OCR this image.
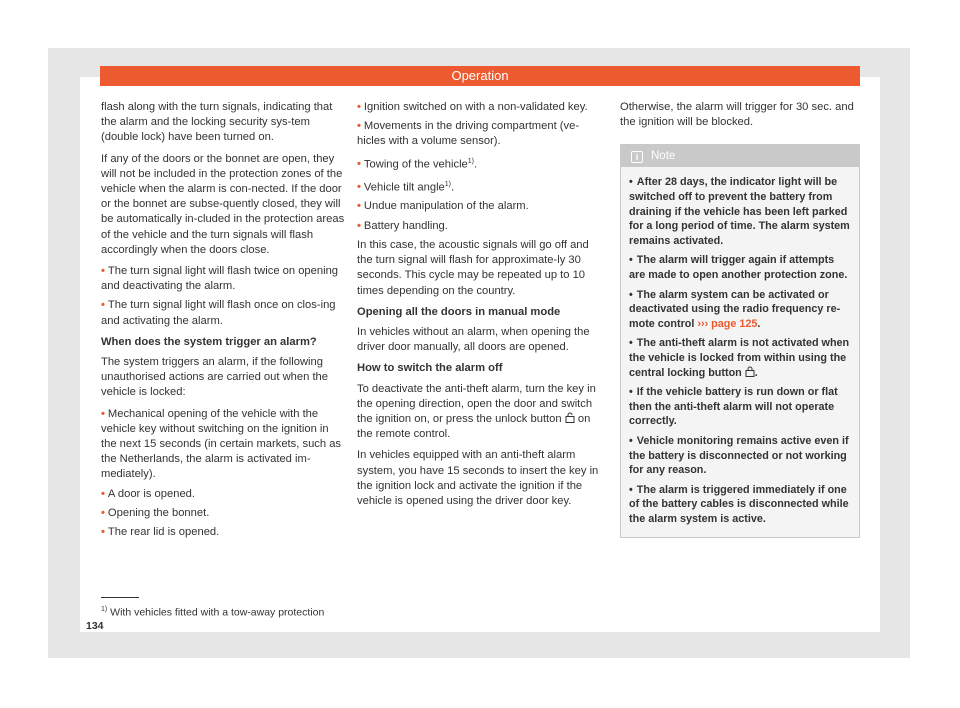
Operation

flash along with the turn signals, indicating that the alarm and the locking security sys-tem (double lock) have been turned on.

If any of the doors or the bonnet are open, they will not be included in the protection zones of the vehicle when the alarm is con-nected. If the door or the bonnet are subse-quently closed, they will be automatically in-cluded in the protection areas of the vehicle and the turn signals will flash accordingly when the doors close.

• The turn signal light will flash twice on opening and deactivating the alarm.

• The turn signal light will flash once on clos-ing and activating the alarm.

When does the system trigger an alarm?

The system triggers an alarm, if the following unauthorised actions are carried out when the vehicle is locked:

• Mechanical opening of the vehicle with the vehicle key without switching on the ignition in the next 15 seconds (in certain markets, such as the Netherlands, the alarm is activated im-mediately).

• A door is opened.

• Opening the bonnet.

• The rear lid is opened.

• Ignition switched on with a non-validated key.

• Movements in the driving compartment (ve-hicles with a volume sensor).

• Towing of the vehicle$^{1)}$.

• Vehicle tilt angle$^{1)}$.

• Undue manipulation of the alarm.

• Battery handling.

In this case, the acoustic signals will go off and the turn signal will flash for approximate-ly 30 seconds. This cycle may be repeated up to 10 times depending on the country.

Opening all the doors in manual mode

In vehicles without an alarm, when opening the driver door manually, all doors are opened.

How to switch the alarm off

To deactivate the anti-theft alarm, turn the key in the opening direction, open the door and switch the ignition on, or press the unlock button on the remote control.

In vehicles equipped with an anti-theft alarm system, you have 15 seconds to insert the key in the ignition lock and activate the ignition if the vehicle is opened using the driver door key.

Otherwise, the alarm will trigger for 30 sec. and the ignition will be blocked.

i Note

• After 28 days, the indicator light will be switched off to prevent the battery from draining if the vehicle has been left parked for a long period of time. The alarm system remains activated.

• The alarm will trigger again if attempts are made to open another protection zone.

• The alarm system can be activated or deactivated using the radio frequency re-mote control ››› page 125.

• The anti-theft alarm is not activated when the vehicle is locked from within using the central locking button .

• If the vehicle battery is run down or flat then the anti-theft alarm will not operate correctly.

• Vehicle monitoring remains active even if the battery is disconnected or not working for any reason.

• The alarm is triggered immediately if one of the battery cables is disconnected while the alarm system is active.

$^{1)}$ With vehicles fitted with a tow-away protection
134
